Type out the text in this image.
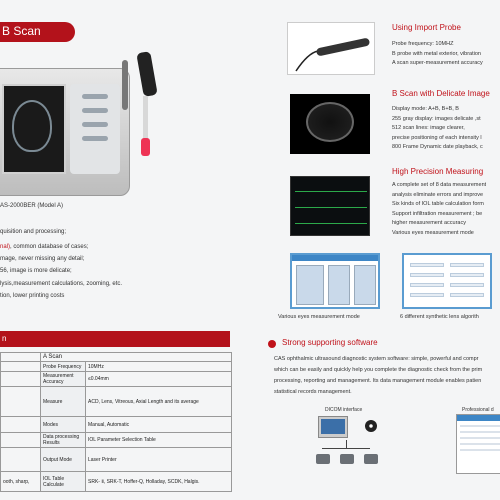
B Scan
AS-2000BER (Model A)
quisition and processing;
nal), common database of cases;
mage, never missing any detail;
56, image is more delicate;
lysis,measurement calculations, zooming, etc.
tion, lower printing costs
n
	A Scan	
	Probe Frequency	10MHz
	Measurement Accuracy	≤0.04mm
	Measure	ACD, Lens, Vitreous, Axial Length and its average
	Modes	Manual, Automatic
	Data processing Results	IOL Parameter Selection Table
	Output Mode	Laser Printer
ooth, sharp,	IOL Table Calculate	SRK- Ⅱ, SRK-T, Hoffer-Q, Holladay, SCDK, Halgis.
Using Import Probe
Probe frequency: 10MHZ
B probe with metal exterior, vibration
A scan super-measurement accuracy
B Scan with Delicate Image
Display mode: A+B, B+B, B
255 gray display: images delicate ,st
512 scan lines: image clearer,
precise positioning of each intensity l
800 Frame Dynamic date playback, c
High Precision Measuring
A complete set of 8 data measurement
analysis eliminate errors and improve
Six kinds of IOL table calculation form
Support infiltration measurement ; be
higher measurement accuracy
Various eyes measurement mode
Various eyes measurement mode	6 different synthetic lens algorith
Strong supporting software
CAS ophthalmic ultrasound diagnostic system software: simple, powerful and compr
which can be easily and quickly help you complete the diagnostic check from the prim
processing, reporting and management. Its data management module enables patien
statistical records management.
DICOM interface	Professional d
